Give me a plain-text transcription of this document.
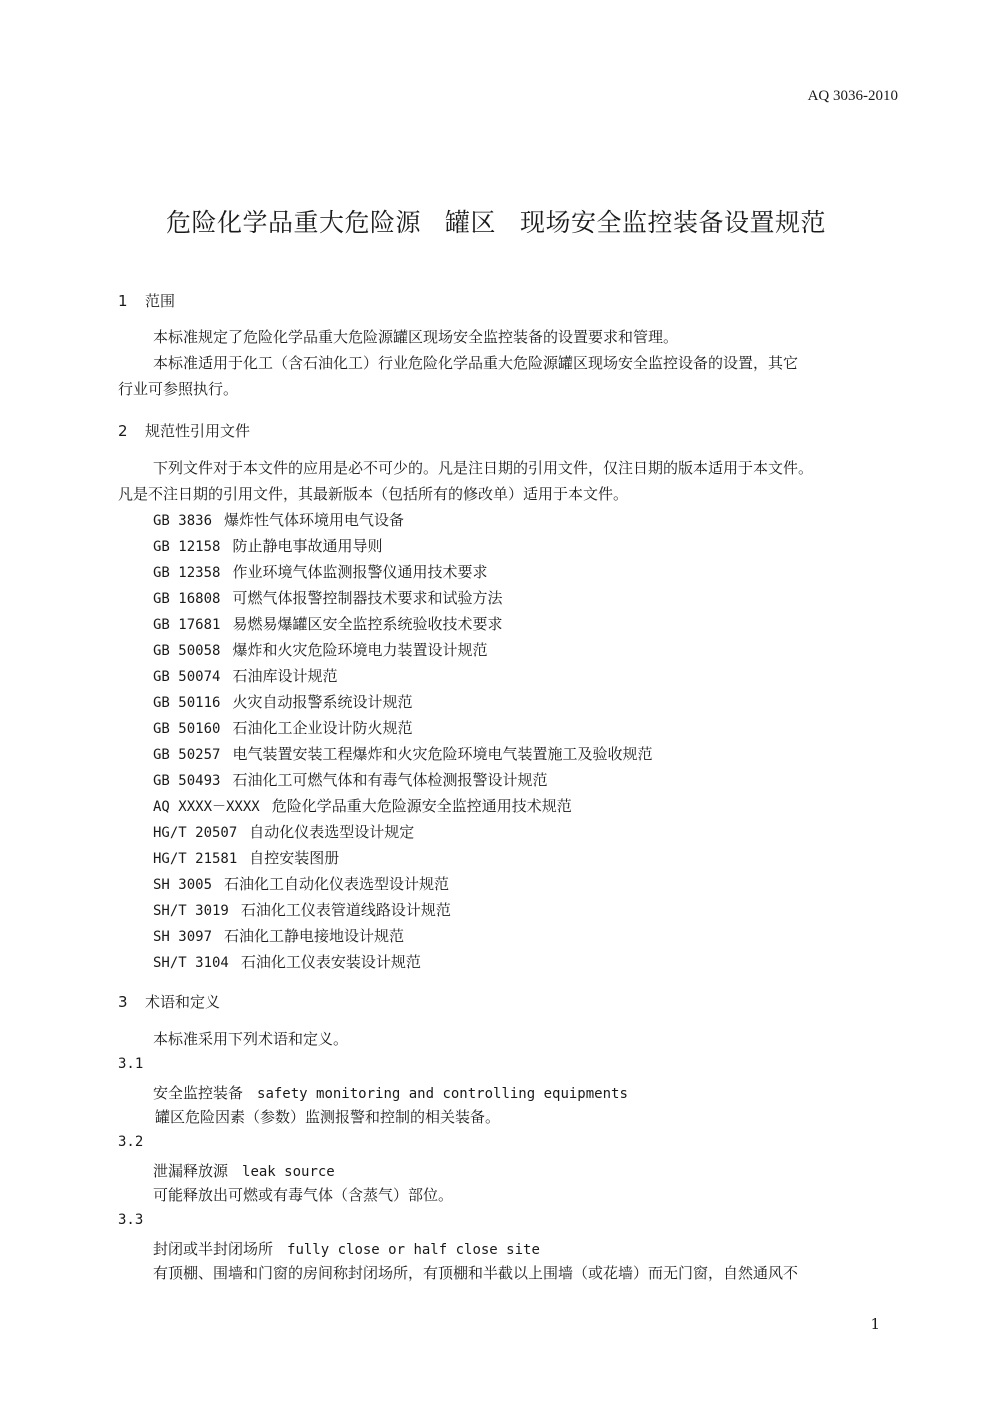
AQ 3036-2010
危险化学品重大危险源 罐区 现场安全监控装备设置规范
1 范围
本标准规定了危险化学品重大危险源罐区现场安全监控装备的设置要求和管理。
本标准适用于化工（含石油化工）行业危险化学品重大危险源罐区现场安全监控设备的设置，其它
行业可参照执行。
2 规范性引用文件
下列文件对于本文件的应用是必不可少的。凡是注日期的引用文件，仅注日期的版本适用于本文件。
凡是不注日期的引用文件，其最新版本（包括所有的修改单）适用于本文件。
GB 3836 爆炸性气体环境用电气设备
GB 12158 防止静电事故通用导则
GB 12358 作业环境气体监测报警仪通用技术要求
GB 16808 可燃气体报警控制器技术要求和试验方法
GB 17681 易燃易爆罐区安全监控系统验收技术要求
GB 50058 爆炸和火灾危险环境电力装置设计规范
GB 50074 石油库设计规范
GB 50116 火灾自动报警系统设计规范
GB 50160 石油化工企业设计防火规范
GB 50257 电气装置安装工程爆炸和火灾危险环境电气装置施工及验收规范
GB 50493 石油化工可燃气体和有毒气体检测报警设计规范
AQ XXXX－XXXX 危险化学品重大危险源安全监控通用技术规范
HG/T 20507 自动化仪表选型设计规定
HG/T 21581 自控安装图册
SH 3005 石油化工自动化仪表选型设计规范
SH/T 3019 石油化工仪表管道线路设计规范
SH 3097 石油化工静电接地设计规范
SH/T 3104 石油化工仪表安装设计规范
3 术语和定义
本标准采用下列术语和定义。
3.1
安全监控装备 safety monitoring and controlling equipments
罐区危险因素（参数）监测报警和控制的相关装备。
3.2
泄漏释放源 leak source
可能释放出可燃或有毒气体（含蒸气）部位。
3.3
封闭或半封闭场所 fully close or half close site
有顶棚、围墙和门窗的房间称封闭场所，有顶棚和半截以上围墙（或花墙）而无门窗，自然通风不
1
